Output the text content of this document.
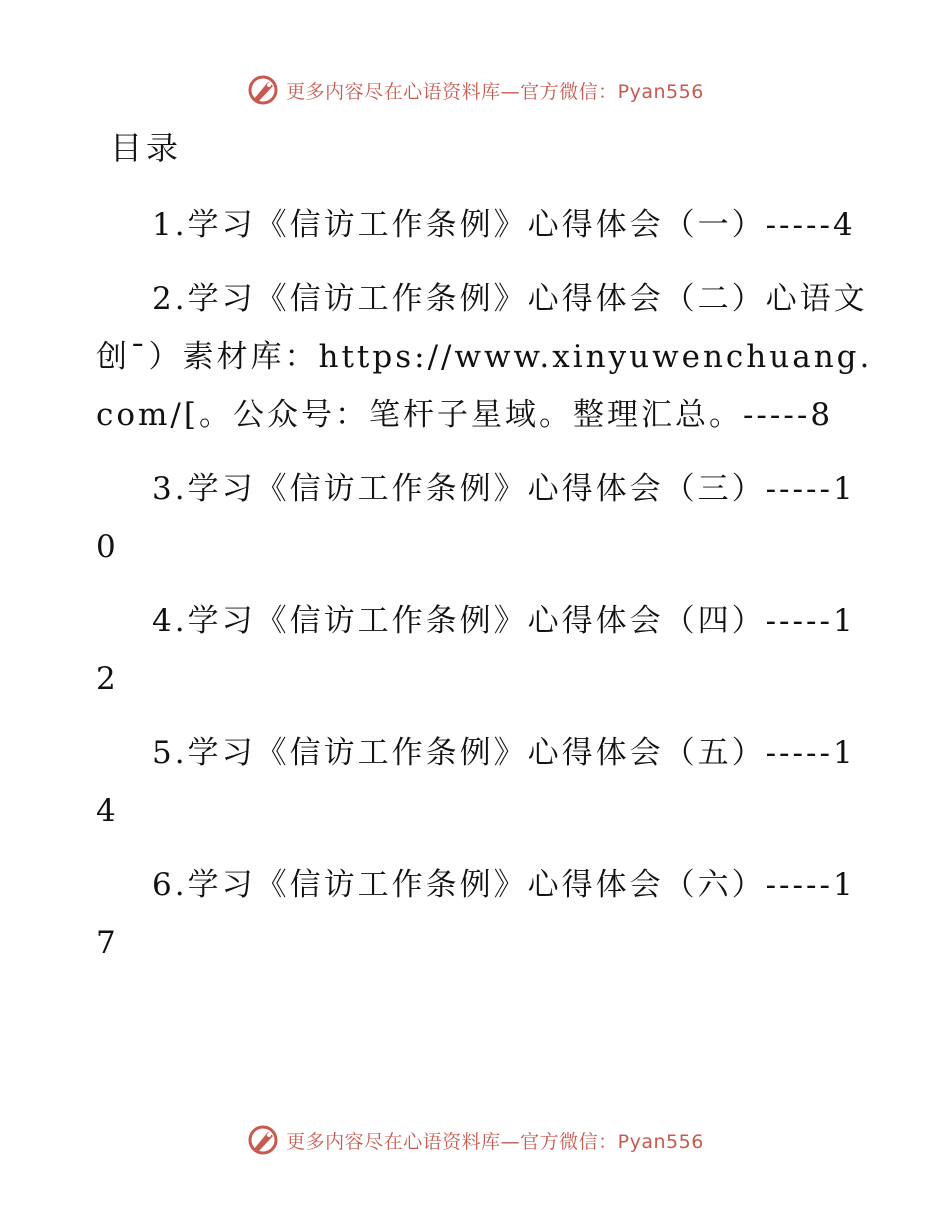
更多内容尽在心语资料库—官方微信：Pyan556
目录
1.学习《信访工作条例》心得体会（一）-----4
2.学习《信访工作条例》心得体会（二）心语文创¯）素材库：https://www.xinyuwenchuang.com/[。公众号：笔杆子星域。整理汇总。-----8
3.学习《信访工作条例》心得体会（三）-----10
4.学习《信访工作条例》心得体会（四）-----12
5.学习《信访工作条例》心得体会（五）-----14
6.学习《信访工作条例》心得体会（六）-----17
更多内容尽在心语资料库—官方微信：Pyan556
